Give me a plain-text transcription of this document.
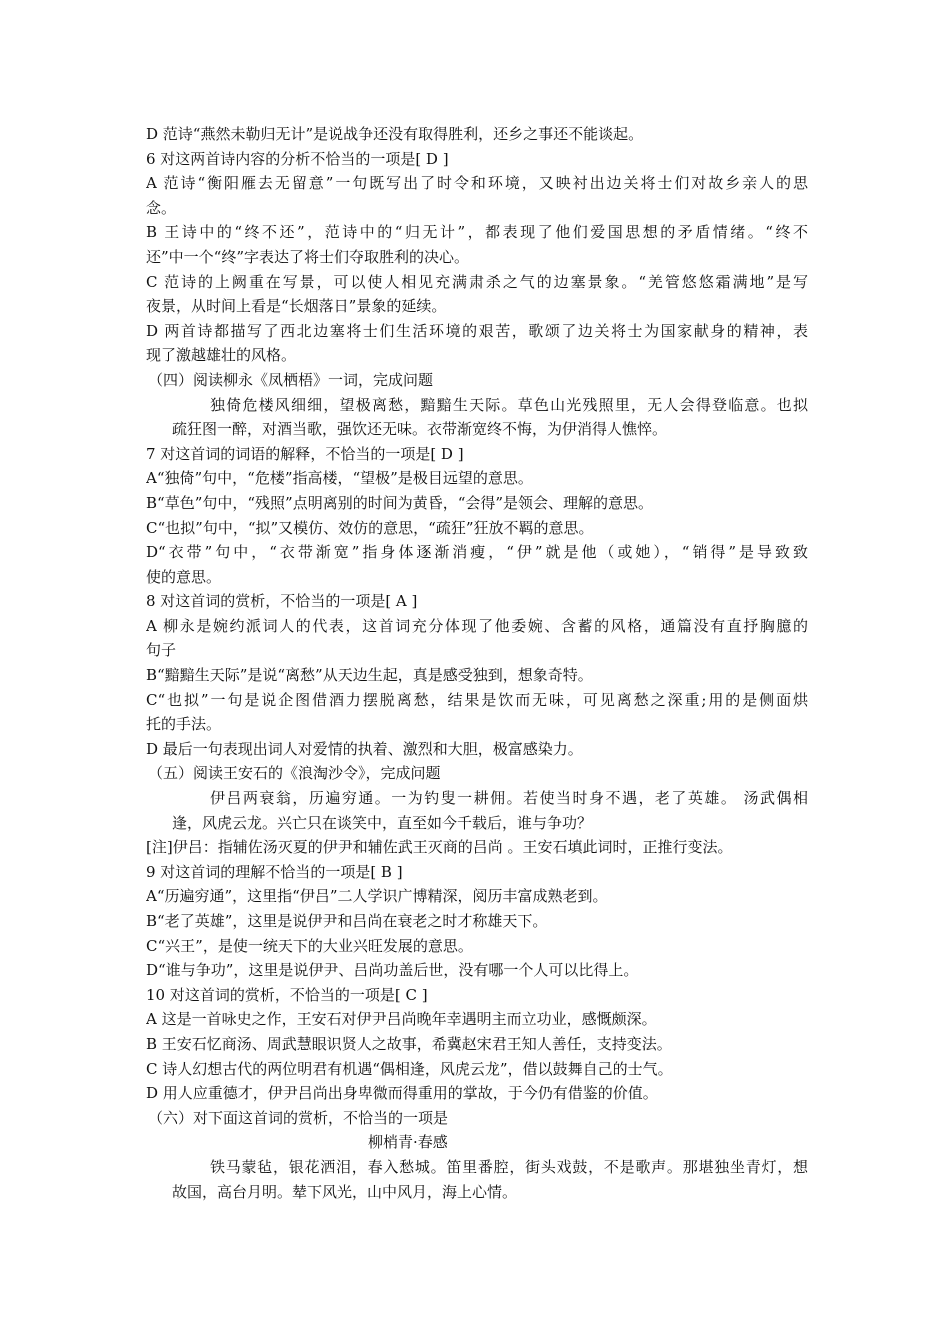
D 范诗“燕然未勒归无计”是说战争还没有取得胜利，还乡之事还不能谈起。
6 对这两首诗内容的分析不恰当的一项是[ D ]
A 范诗“衡阳雁去无留意”一句既写出了时令和环境，又映衬出边关将士们对故乡亲人的思
念。
B 王诗中的“终不还”，范诗中的“归无计”，都表现了他们爱国思想的矛盾情绪。“终不
还”中一个“终”字表达了将士们夺取胜利的决心。
C 范诗的上阙重在写景，可以使人相见充满肃杀之气的边塞景象。“羌管悠悠霜满地”是写
夜景，从时间上看是“长烟落日”景象的延续。
D 两首诗都描写了西北边塞将士们生活环境的艰苦，歌颂了边关将士为国家献身的精神，表
现了激越雄壮的风格。
（四）阅读柳永《凤栖梧》一词，完成问题
独倚危楼风细细，望极离愁，黯黯生天际。草色山光残照里，无人会得登临意。也拟
疏狂图一醉，对酒当歌，强饮还无味。衣带渐宽终不悔，为伊消得人憔悴。
7 对这首词的词语的解释，不恰当的一项是[ D ]
A“独倚”句中，“危楼”指高楼，“望极”是极目远望的意思。
B“草色”句中，“残照”点明离别的时间为黄昏，“会得”是领会、理解的意思。
C“也拟”句中，“拟”又模仿、效仿的意思，“疏狂”狂放不羁的意思。
D“衣带”句中，“衣带渐宽”指身体逐渐消瘦，“伊”就是他（或她），“销得”是导致致
使的意思。
8 对这首词的赏析，不恰当的一项是[ A ]
A 柳永是婉约派词人的代表，这首词充分体现了他委婉、含蓄的风格，通篇没有直抒胸臆的
句子
B“黯黯生天际”是说“离愁”从天边生起，真是感受独到，想象奇特。
C“也拟”一句是说企图借酒力摆脱离愁，结果是饮而无味，可见离愁之深重;用的是侧面烘
托的手法。
D 最后一句表现出词人对爱情的执着、激烈和大胆，极富感染力。
（五）阅读王安石的《浪淘沙令》，完成问题
伊吕两衰翁，历遍穷通。一为钓叟一耕佣。若使当时身不遇，老了英雄。 汤武偶相
逢，风虎云龙。兴亡只在谈笑中，直至如今千载后，谁与争功？
[注]伊吕：指辅佐汤灭夏的伊尹和辅佐武王灭商的吕尚 。王安石填此词时，正推行变法。
9 对这首词的理解不恰当的一项是[ B ]
A“历遍穷通”，这里指“伊吕”二人学识广博精深，阅历丰富成熟老到。
B“老了英雄”，这里是说伊尹和吕尚在衰老之时才称雄天下。
C“兴王”，是使一统天下的大业兴旺发展的意思。
D“谁与争功”，这里是说伊尹、吕尚功盖后世，没有哪一个人可以比得上。
10 对这首词的赏析，不恰当的一项是[ C ]
A 这是一首咏史之作，王安石对伊尹吕尚晚年幸遇明主而立功业，感慨颇深。
B 王安石忆商汤、周武慧眼识贤人之故事，希冀赵宋君王知人善任，支持变法。
C 诗人幻想古代的两位明君有机遇“偶相逢，风虎云龙”，借以鼓舞自己的士气。
D 用人应重德才，伊尹吕尚出身卑微而得重用的掌故，于今仍有借鉴的价值。
（六）对下面这首词的赏析，不恰当的一项是
柳梢青·春感
铁马蒙毡，银花洒泪，春入愁城。笛里番腔，街头戏鼓，不是歌声。那堪独坐青灯，想
故国，高台月明。辇下风光，山中风月，海上心情。
